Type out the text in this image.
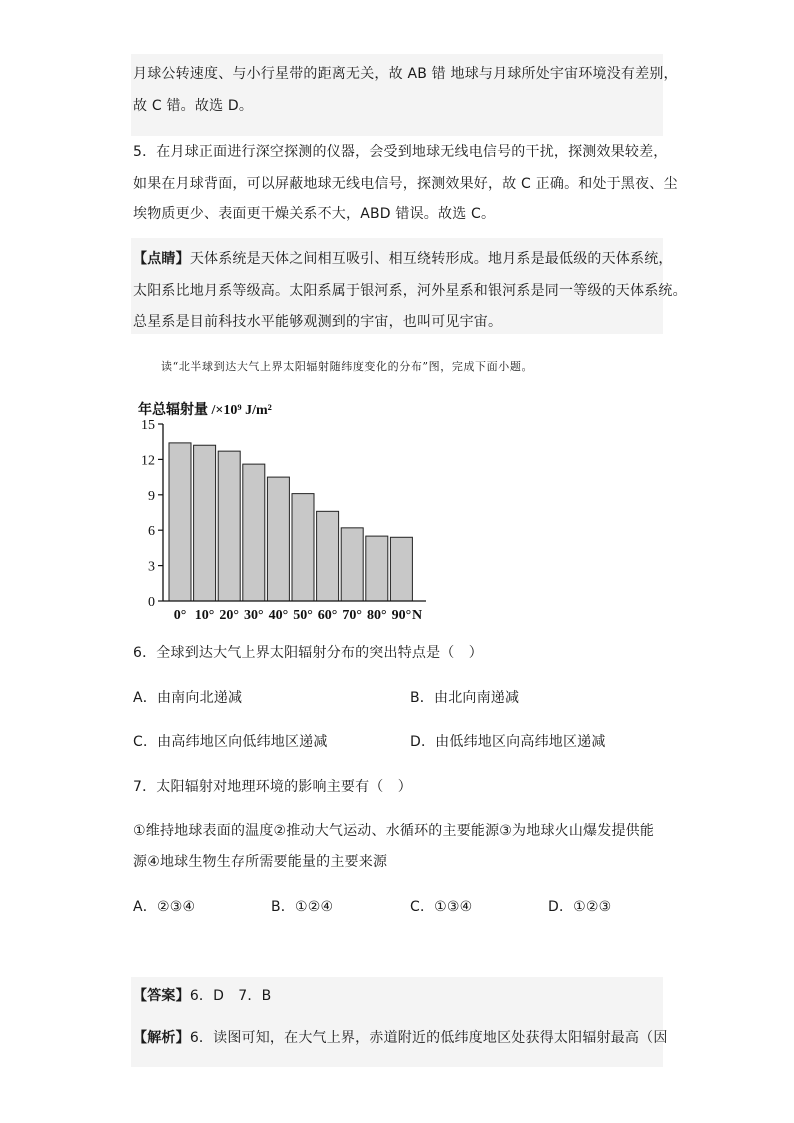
月球公转速度、与小行星带的距离无关，故 AB 错 地球与月球所处宇宙环境没有差别，
故 C 错。故选 D。
5．在月球正面进行深空探测的仪器，会受到地球无线电信号的干扰，探测效果较差，
如果在月球背面，可以屏蔽地球无线电信号，探测效果好，故 C 正确。和处于黑夜、尘
埃物质更少、表面更干燥关系不大，ABD 错误。故选 C。
【点睛】天体系统是天体之间相互吸引、相互绕转形成。地月系是最低级的天体系统，
太阳系比地月系等级高。太阳系属于银河系，河外星系和银河系是同一等级的天体系统。
总星系是目前科技水平能够观测到的宇宙，也叫可见宇宙。
读“北半球到达大气上界太阳辐射随纬度变化的分布”图，完成下面小题。
年总辐射量 /×10⁹ J/m²
0
3
6
9
12
15
0° 10° 20° 30° 40° 50° 60° 70° 80° 90° N
6．全球到达大气上界太阳辐射分布的突出特点是（　）
A．由南向北递减	B．由北向南递减
C．由高纬地区向低纬地区递减	D．由低纬地区向高纬地区递减
7．太阳辐射对地理环境的影响主要有（　）
①维持地球表面的温度②推动大气运动、水循环的主要能源③为地球火山爆发提供能
源④地球生物生存所需要能量的主要来源
A．②③④	B．①②④	C．①③④	D．①②③
【答案】6．D　7．B
【解析】6．读图可知，在大气上界，赤道附近的低纬度地区处获得太阳辐射最高（因
